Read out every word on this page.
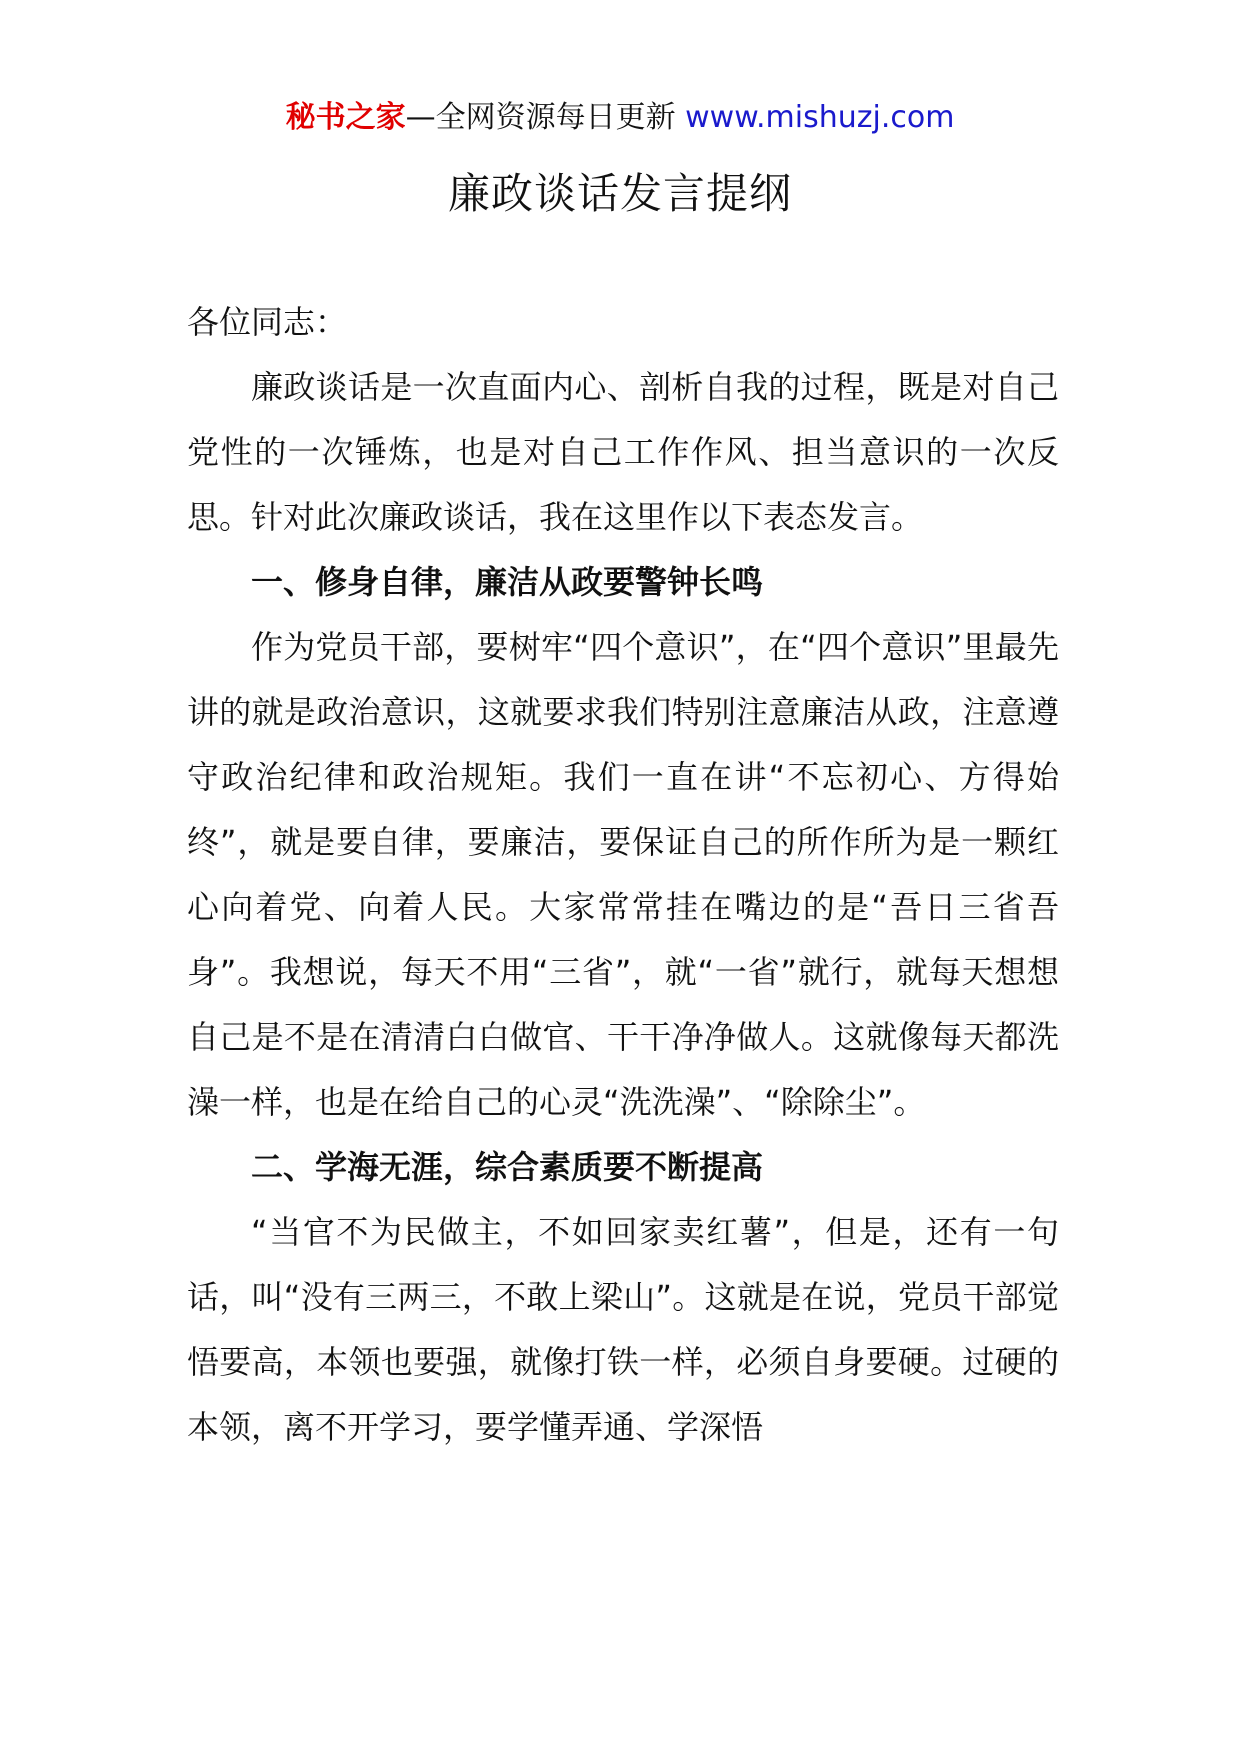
秘书之家—全网资源每日更新 www.mishuzj.com
廉政谈话发言提纲

各位同志：

廉政谈话是一次直面内心、剖析自我的过程，既是对自己党性的一次锤炼，也是对自己工作作风、担当意识的一次反思。针对此次廉政谈话，我在这里作以下表态发言。

一、修身自律，廉洁从政要警钟长鸣

作为党员干部，要树牢“四个意识”，在“四个意识”里最先讲的就是政治意识，这就要求我们特别注意廉洁从政，注意遵守政治纪律和政治规矩。我们一直在讲“不忘初心、方得始终”，就是要自律，要廉洁，要保证自己的所作所为是一颗红心向着党、向着人民。大家常常挂在嘴边的是“吾日三省吾身”。我想说，每天不用“三省”，就“一省”就行，就每天想想自己是不是在清清白白做官、干干净净做人。这就像每天都洗澡一样，也是在给自己的心灵“洗洗澡”、“除除尘”。

二、学海无涯，综合素质要不断提高

“当官不为民做主，不如回家卖红薯”，但是，还有一句话，叫“没有三两三，不敢上梁山”。这就是在说，党员干部觉悟要高，本领也要强，就像打铁一样，必须自身要硬。过硬的本领，离不开学习，要学懂弄通、学深悟
